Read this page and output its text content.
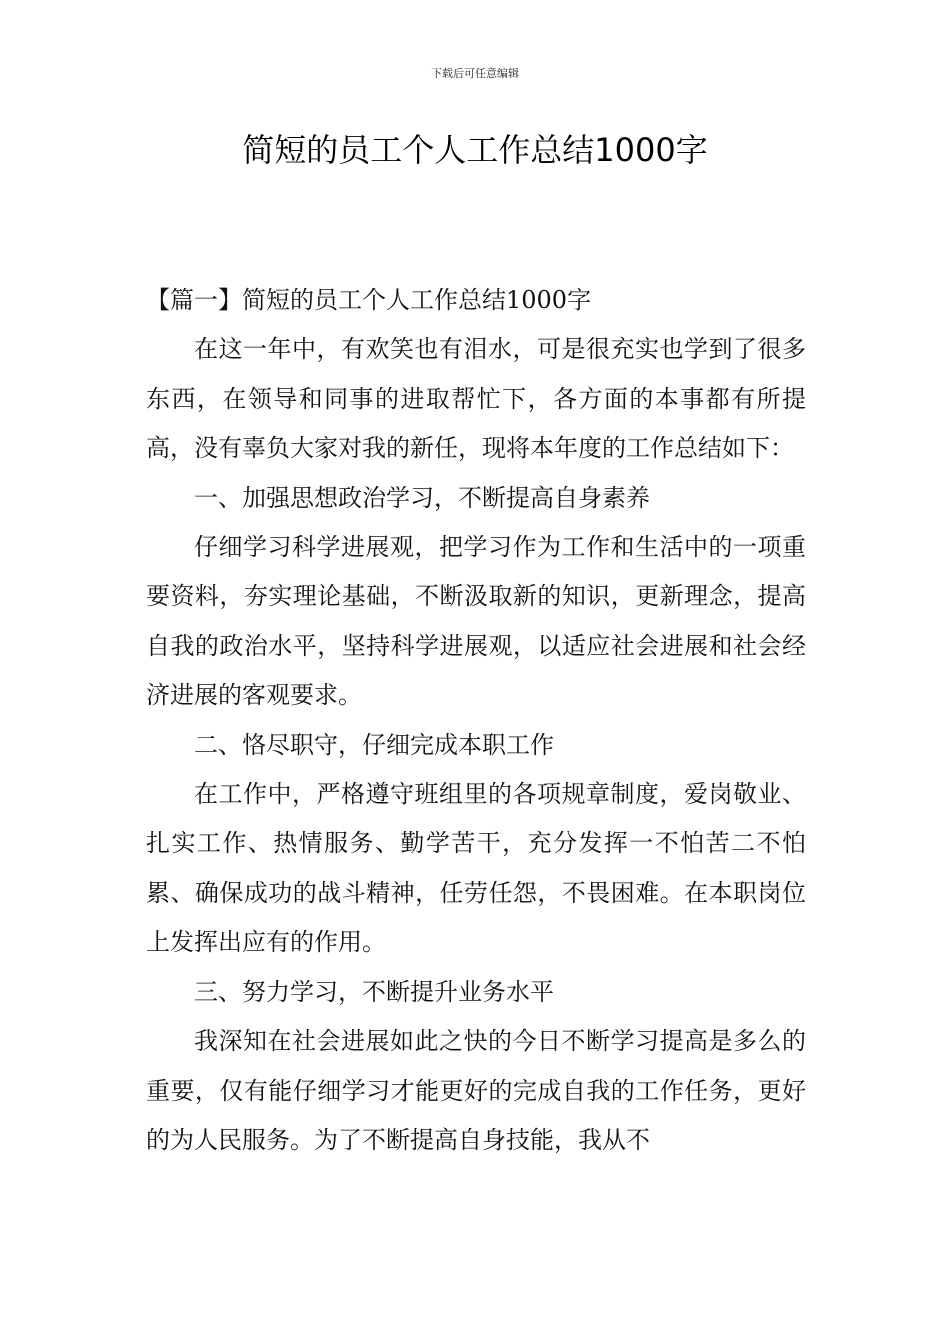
下载后可任意编辑
简短的员工个人工作总结1000字

【篇一】简短的员工个人工作总结1000字

在这一年中，有欢笑也有泪水，可是很充实也学到了很多东西，在领导和同事的进取帮忙下，各方面的本事都有所提高，没有辜负大家对我的新任，现将本年度的工作总结如下：

一、加强思想政治学习，不断提高自身素养

仔细学习科学进展观，把学习作为工作和生活中的一项重要资料，夯实理论基础，不断汲取新的知识，更新理念，提高自我的政治水平，坚持科学进展观，以适应社会进展和社会经济进展的客观要求。

二、恪尽职守，仔细完成本职工作

在工作中，严格遵守班组里的各项规章制度，爱岗敬业、扎实工作、热情服务、勤学苦干，充分发挥一不怕苦二不怕累、确保成功的战斗精神，任劳任怨，不畏困难。在本职岗位上发挥出应有的作用。

三、努力学习，不断提升业务水平

我深知在社会进展如此之快的今日不断学习提高是多么的重要，仅有能仔细学习才能更好的完成自我的工作任务，更好的为人民服务。为了不断提高自身技能，我从不
